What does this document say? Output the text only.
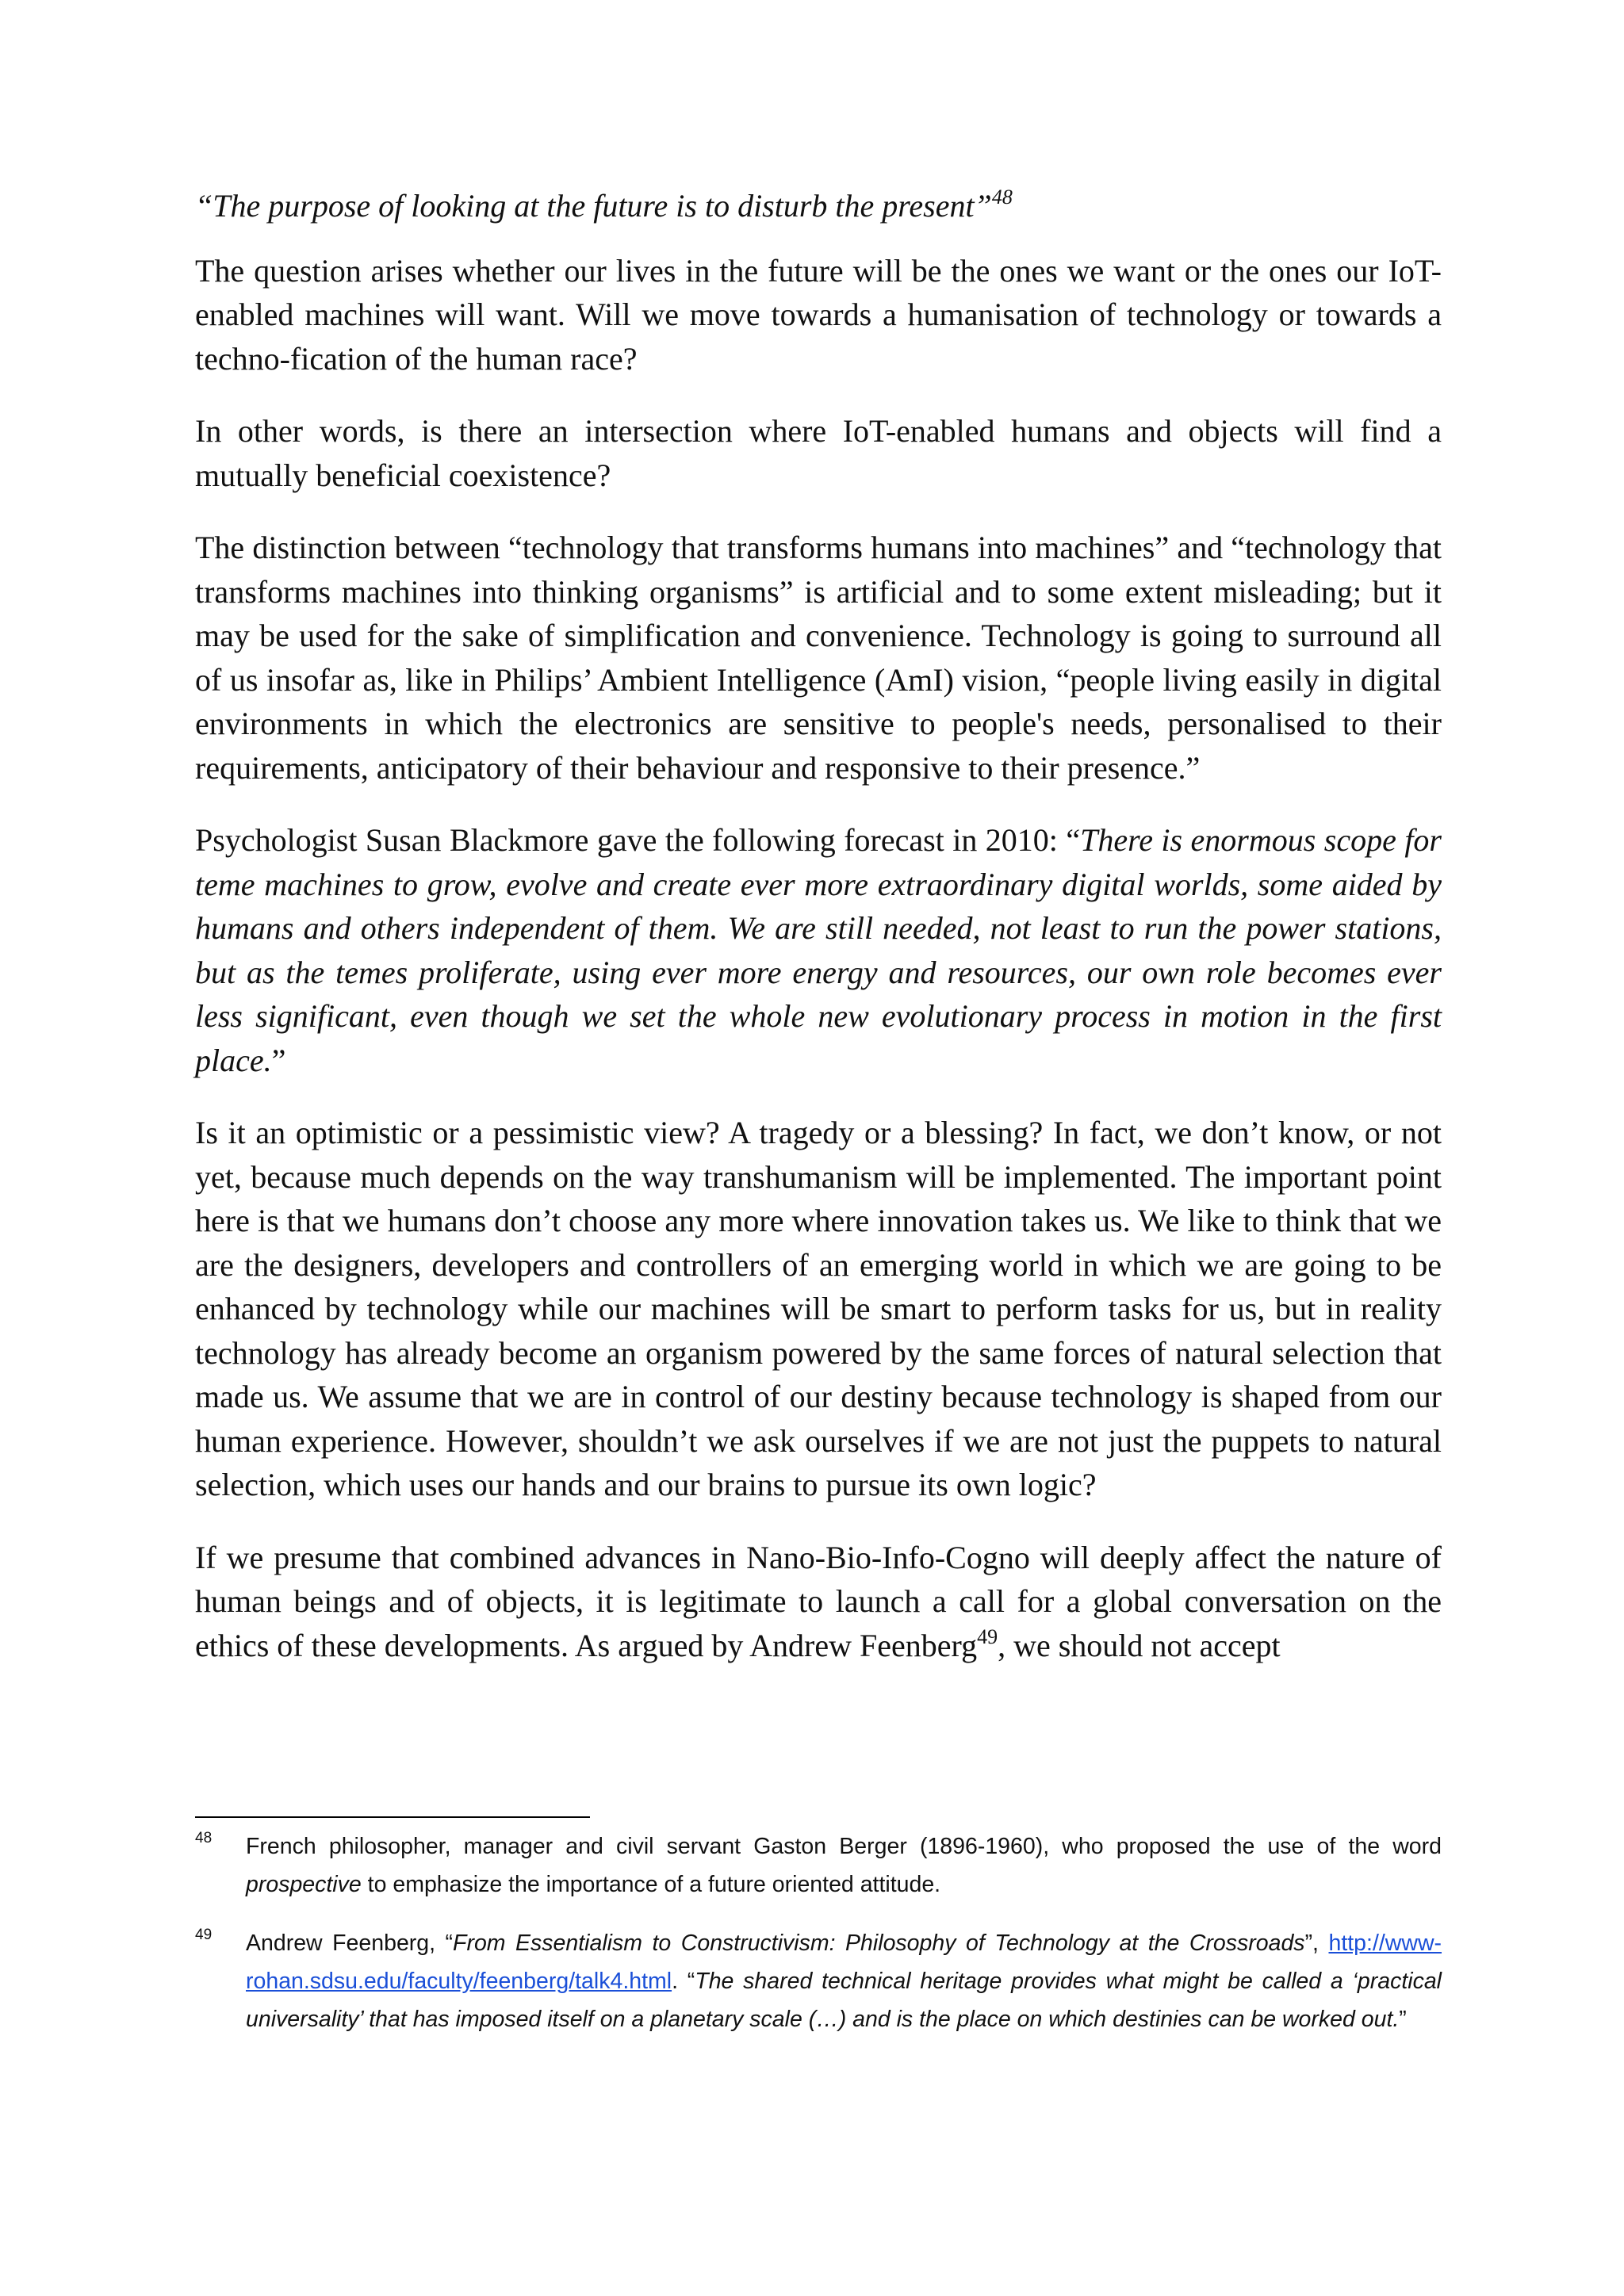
“The purpose of looking at the future is to disturb the present”$^{48}$

The question arises whether our lives in the future will be the ones we want or the ones our IoT-enabled machines will want. Will we move towards a humanisation of technology or towards a techno-fication of the human race?

In other words, is there an intersection where IoT-enabled humans and objects will find a mutually beneficial coexistence?

The distinction between “technology that transforms humans into machines” and “technology that transforms machines into thinking organisms” is artificial and to some extent misleading; but it may be used for the sake of simplification and convenience. Technology is going to surround all of us insofar as, like in Philips’ Ambient Intelligence (AmI) vision, “people living easily in digital environments in which the electronics are sensitive to people's needs, personalised to their requirements, anticipatory of their behaviour and responsive to their presence.”

Psychologist Susan Blackmore gave the following forecast in 2010: “There is enormous scope for teme machines to grow, evolve and create ever more extraordinary digital worlds, some aided by humans and others independent of them. We are still needed, not least to run the power stations, but as the temes proliferate, using ever more energy and resources, our own role becomes ever less significant, even though we set the whole new evolutionary process in motion in the first place.”

Is it an optimistic or a pessimistic view? A tragedy or a blessing? In fact, we don’t know, or not yet, because much depends on the way transhumanism will be implemented. The important point here is that we humans don’t choose any more where innovation takes us. We like to think that we are the designers, developers and controllers of an emerging world in which we are going to be enhanced by technology while our machines will be smart to perform tasks for us, but in reality technology has already become an organism powered by the same forces of natural selection that made us. We assume that we are in control of our destiny because technology is shaped from our human experience. However, shouldn’t we ask ourselves if we are not just the puppets to natural selection, which uses our hands and our brains to pursue its own logic?

If we presume that combined advances in Nano-Bio-Info-Cogno will deeply affect the nature of human beings and of objects, it is legitimate to launch a call for a global conversation on the ethics of these developments. As argued by Andrew Feenberg$^{49}$, we should not accept

48 French philosopher, manager and civil servant Gaston Berger (1896-1960), who proposed the use of the word prospective to emphasize the importance of a future oriented attitude.
49 Andrew Feenberg, “From Essentialism to Constructivism: Philosophy of Technology at the Crossroads”, http://www-rohan.sdsu.edu/faculty/feenberg/talk4.html. “The shared technical heritage provides what might be called a ‘practical universality’ that has imposed itself on a planetary scale (…) and is the place on which destinies can be worked out.”
